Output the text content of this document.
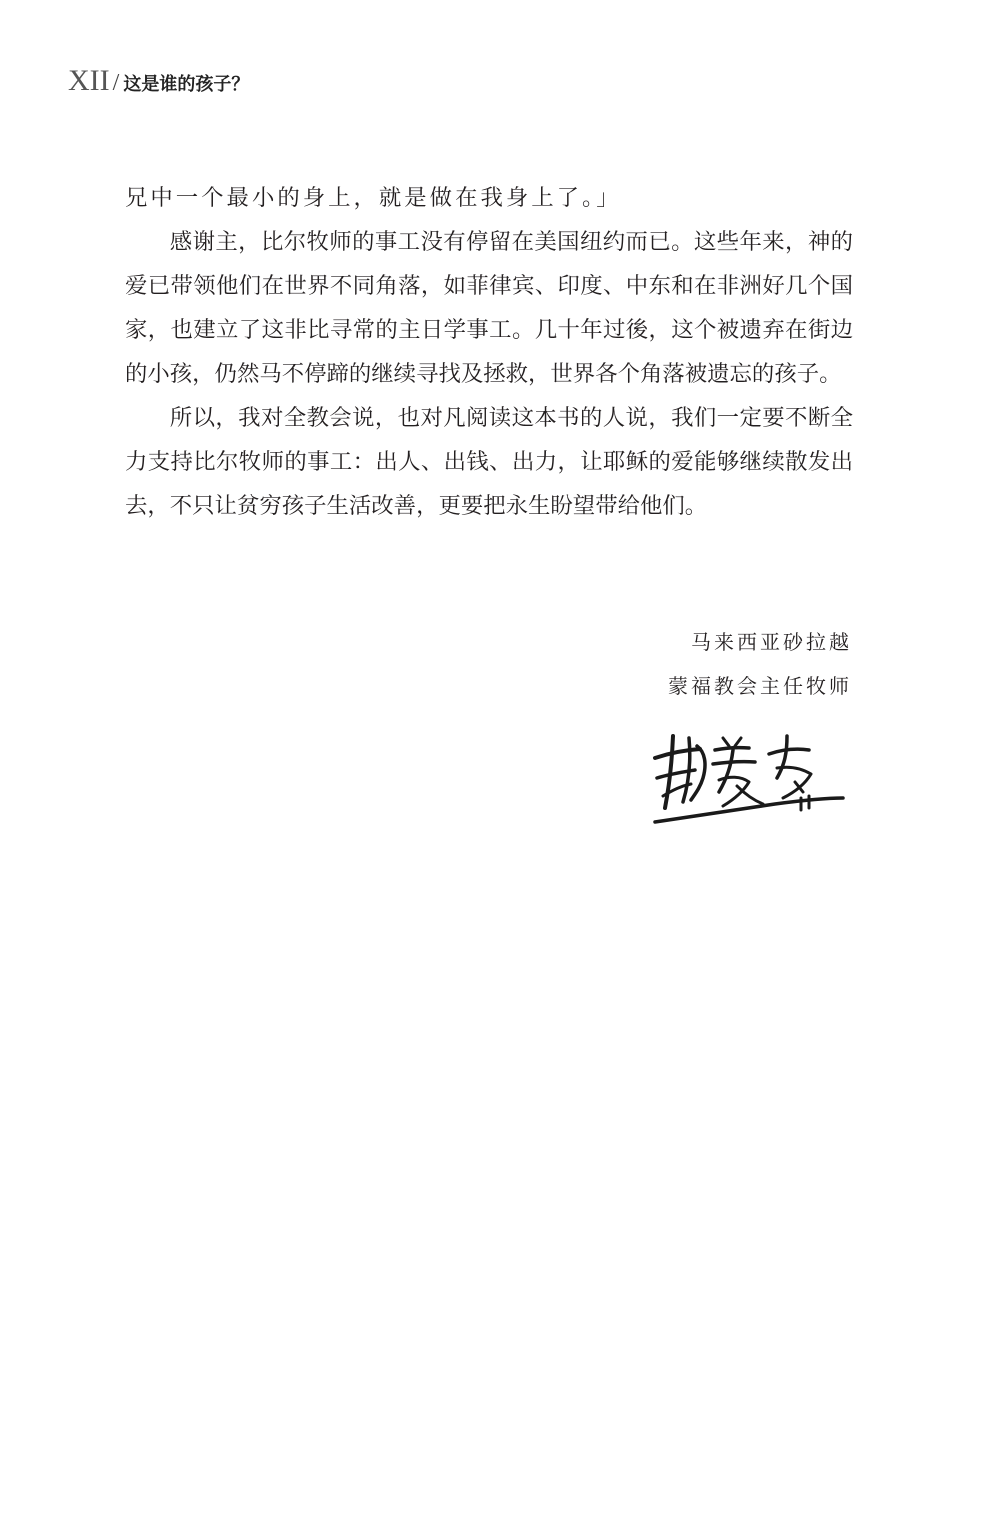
XII / 这是谁的孩子？

兄中一个最小的身上，就是做在我身上了。」

感谢主，比尔牧师的事工没有停留在美国纽约而已。这些年来，神的爱已带领他们在世界不同角落，如菲律宾、印度、中东和在非洲好几个国家，也建立了这非比寻常的主日学事工。几十年过後，这个被遗弃在街边的小孩，仍然马不停蹄的继续寻找及拯救，世界各个角落被遗忘的孩子。

所以，我对全教会说，也对凡阅读这本书的人说，我们一定要不断全力支持比尔牧师的事工：出人、出钱、出力，让耶稣的爱能够继续散发出去，不只让贫穷孩子生活改善，更要把永生盼望带给他们。

马来西亚砂拉越
蒙福教会主任牧师
